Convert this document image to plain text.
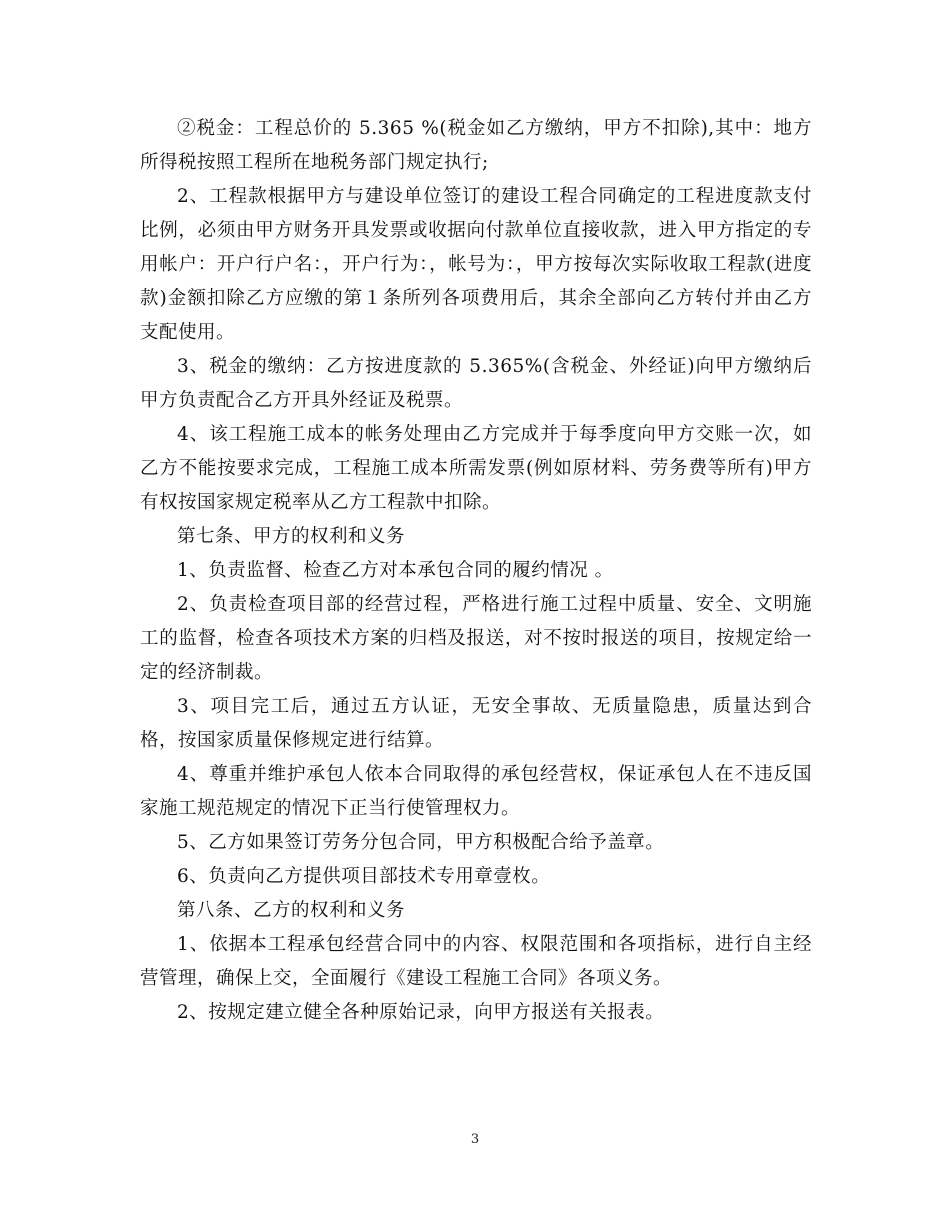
②税金：工程总价的 5.365 %(税金如乙方缴纳，甲方不扣除),其中：地方所得税按照工程所在地税务部门规定执行;

2、工程款根据甲方与建设单位签订的建设工程合同确定的工程进度款支付比例，必须由甲方财务开具发票或收据向付款单位直接收款，进入甲方指定的专用帐户：开户行户名：，开户行为：，帐号为：，甲方按每次实际收取工程款(进度款)金额扣除乙方应缴的第１条所列各项费用后，其余全部向乙方转付并由乙方支配使用。

3、税金的缴纳：乙方按进度款的 5.365%(含税金、外经证)向甲方缴纳后甲方负责配合乙方开具外经证及税票。

4、该工程施工成本的帐务处理由乙方完成并于每季度向甲方交账一次，如乙方不能按要求完成，工程施工成本所需发票(例如原材料、劳务费等所有)甲方有权按国家规定税率从乙方工程款中扣除。

第七条、甲方的权利和义务

1、负责监督、检查乙方对本承包合同的履约情况 。

2、负责检查项目部的经营过程，严格进行施工过程中质量、安全、文明施工的监督，检查各项技术方案的归档及报送，对不按时报送的项目，按规定给一定的经济制裁。

3、项目完工后，通过五方认证，无安全事故、无质量隐患，质量达到合格，按国家质量保修规定进行结算。

4、尊重并维护承包人依本合同取得的承包经营权，保证承包人在不违反国家施工规范规定的情况下正当行使管理权力。

5、乙方如果签订劳务分包合同，甲方积极配合给予盖章。

6、负责向乙方提供项目部技术专用章壹枚。

第八条、乙方的权利和义务

1、依据本工程承包经营合同中的内容、权限范围和各项指标，进行自主经营管理，确保上交，全面履行《建设工程施工合同》各项义务。

2、按规定建立健全各种原始记录，向甲方报送有关报表。

3
